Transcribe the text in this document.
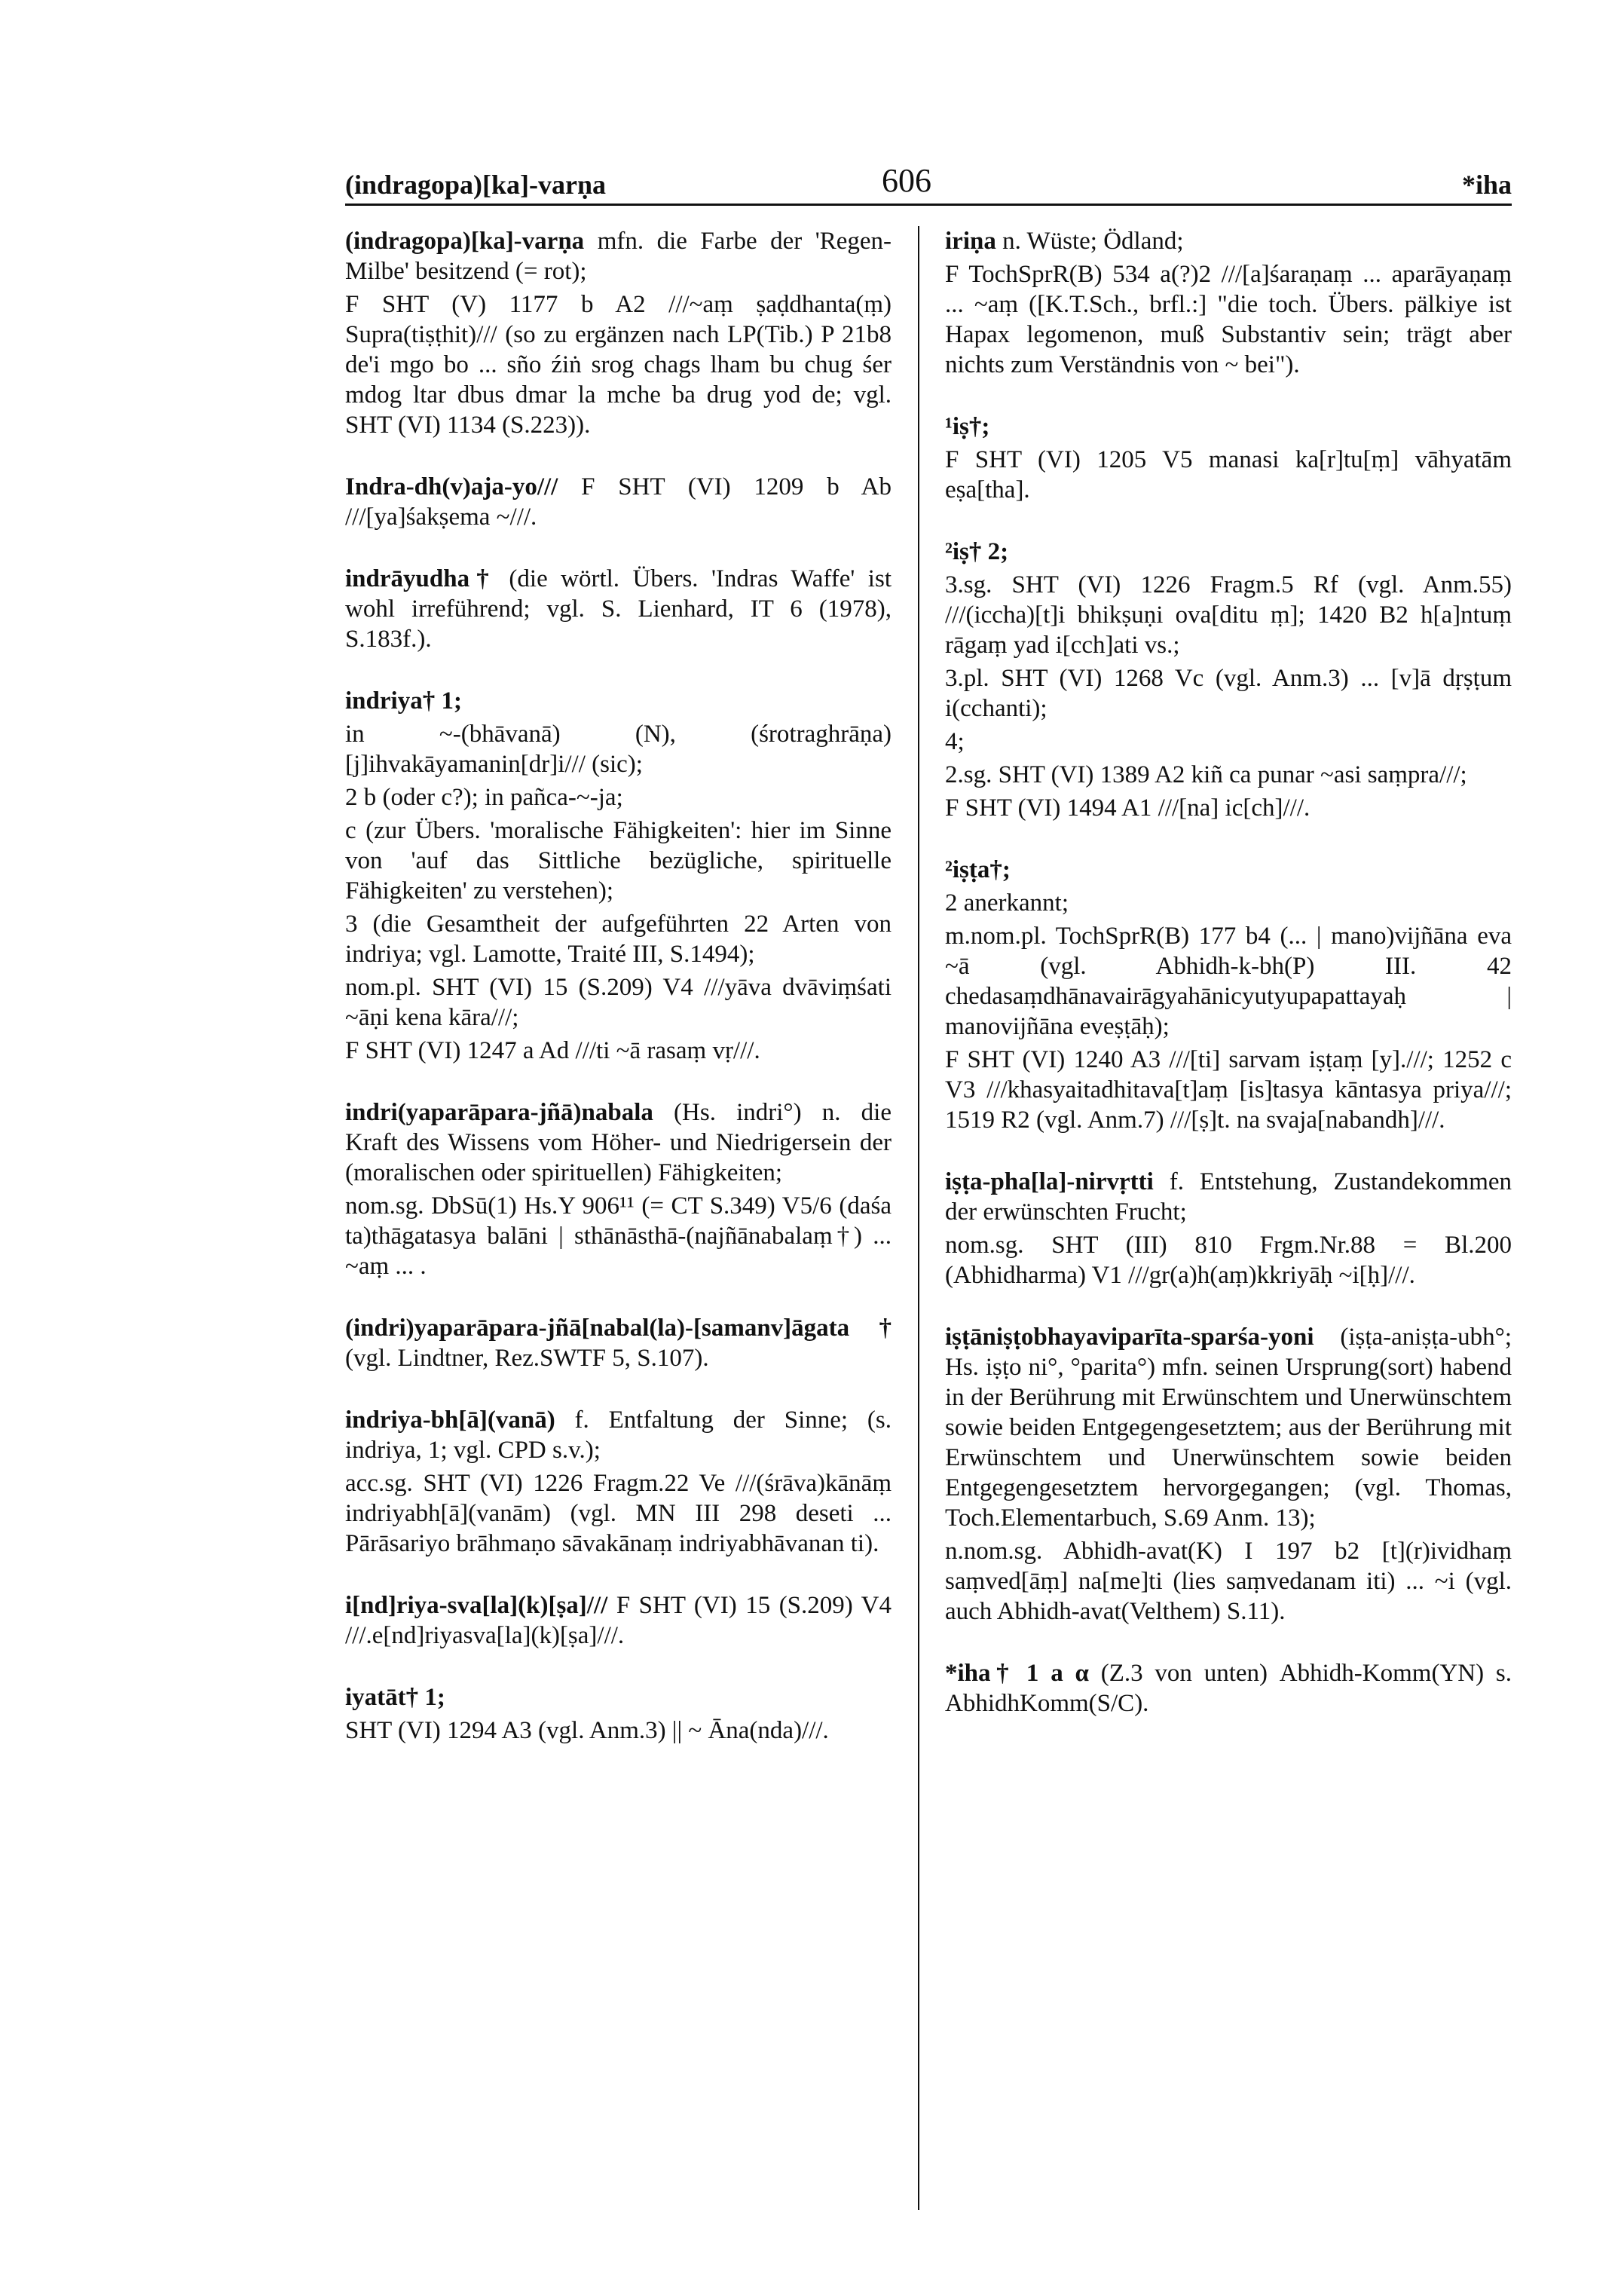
(indragopa)[ka]-varṇa	606	*iha

(indragopa)[ka]-varṇa mfn. die Farbe der 'Regen-Milbe' besitzend (= rot);

F SHT (V) 1177 b A2 ///~aṃ ṣaḍdhanta(ṃ) Supra(tiṣṭhit)/// (so zu ergänzen nach LP(Tib.) P 21b8 de'i mgo bo ... sño źiṅ srog chags lham bu chug śer mdog ltar dbus dmar la mche ba drug yod de; vgl. SHT (VI) 1134 (S.223)).

Indra-dh(v)aja-yo/// F SHT (VI) 1209 b Ab ///[ya]śakṣema ~///.

indrāyudha† (die wörtl. Übers. 'Indras Waffe' ist wohl irreführend; vgl. S. Lienhard, IT 6 (1978), S.183f.).

indriya† 1;

in ~-(bhāvanā) (N), (śrotraghrāṇa)[j]ihvakāyamanin[dr]i/// (sic);

2 b (oder c?); in pañca-~-ja;

c (zur Übers. 'moralische Fähigkeiten': hier im Sinne von 'auf das Sittliche bezügliche, spirituelle Fähigkeiten' zu verstehen);

3 (die Gesamtheit der aufgeführten 22 Arten von indriya; vgl. Lamotte, Traité III, S.1494);

nom.pl. SHT (VI) 15 (S.209) V4 ///yāva dvāviṃśati ~āṇi kena kāra///;

F SHT (VI) 1247 a Ad ///ti ~ā rasaṃ vṛ///.

indri(yaparāpara-jñā)nabala (Hs. indri°) n. die Kraft des Wissens vom Höher- und Niedrigersein der (moralischen oder spirituellen) Fähigkeiten;

nom.sg. DbSū(1) Hs.Y 906¹¹ (= CT S.349) V5/6 (daśa ta)thāgatasya balāni | sthānāsthā-(najñānabalaṃ†) ... ~aṃ ... .

(indri)yaparāpara-jñā[nabal(la)-[samanv]āgata† (vgl. Lindtner, Rez.SWTF 5, S.107).

indriya-bh[ā](vanā) f. Entfaltung der Sinne; (s. indriya, 1; vgl. CPD s.v.);

acc.sg. SHT (VI) 1226 Fragm.22 Ve ///(śrāva)kānāṃ indriyabh[ā](vanām) (vgl. MN III 298 deseti ... Pārāsariyo brāhmaṇo sāvakānaṃ indriyabhāvanan ti).

i[nd]riya-sva[la](k)[ṣa]/// F SHT (VI) 15 (S.209) V4 ///.e[nd]riyasva[la](k)[ṣa]///.

iyatāt† 1;

SHT (VI) 1294 A3 (vgl. Anm.3) || ~ Āna(nda)///.

iriṇa n. Wüste; Ödland;

F TochSprR(B) 534 a(?)2 ///[a]śaraṇaṃ ... aparāyaṇaṃ ... ~aṃ ([K.T.Sch., brfl.:] "die toch. Übers. pälkiye ist Hapax legomenon, muß Substantiv sein; trägt aber nichts zum Verständnis von ~ bei").

¹iṣ†;

F SHT (VI) 1205 V5 manasi ka[r]tu[ṃ] vāhyatām eṣa[tha].

²iṣ† 2;

3.sg. SHT (VI) 1226 Fragm.5 Rf (vgl. Anm.55) ///(iccha)[t]i bhikṣuṇi ova[ditu ṃ]; 1420 B2 h[a]ntuṃ rāgaṃ yad i[cch]ati vs.;

3.pl. SHT (VI) 1268 Vc (vgl. Anm.3) ... [v]ā dṛṣṭum i(cchanti);

4;

2.sg. SHT (VI) 1389 A2 kiñ ca punar ~asi saṃpra///;

F SHT (VI) 1494 A1 ///[na] ic[ch]///.

²iṣṭa†;

2 anerkannt;

m.nom.pl. TochSprR(B) 177 b4 (... | mano)vijñāna eva ~ā (vgl. Abhidh-k-bh(P) III. 42 chedasaṃdhānavairāgyahānicyutyupapattayaḥ | manovijñāna eveṣṭāḥ);

F SHT (VI) 1240 A3 ///[ti] sarvam iṣṭaṃ [y].///; 1252 c V3 ///khasyaitadhitava[t]aṃ [is]tasya kāntasya priya///; 1519 R2 (vgl. Anm.7) ///[ṣ]t. na svaja[nabandh]///.

iṣṭa-pha[la]-nirvṛtti f. Entstehung, Zustandekommen der erwünschten Frucht;

nom.sg. SHT (III) 810 Frgm.Nr.88 = Bl.200 (Abhidharma) V1 ///gr(a)h(aṃ)kkriyāḥ ~i[ḥ]///.

iṣṭāniṣṭobhayaviparīta-sparśa-yoni (iṣṭa-aniṣṭa-ubh°; Hs. iṣṭo ni°, °parita°) mfn. seinen Ursprung(sort) habend in der Berührung mit Erwünschtem und Unerwünschtem sowie beiden Entgegengesetztem; aus der Berührung mit Erwünschtem und Unerwünschtem sowie beiden Entgegengesetztem hervorgegangen; (vgl. Thomas, Toch.Elementarbuch, S.69 Anm. 13);

n.nom.sg. Abhidh-avat(K) I 197 b2 [t](r)ividhaṃ saṃved[āṃ] na[me]ti (lies saṃvedanam iti) ... ~i (vgl. auch Abhidh-avat(Velthem) S.11).

*iha† 1 a α (Z.3 von unten) Abhidh-Komm(YN) s. AbhidhKomm(S/C).
